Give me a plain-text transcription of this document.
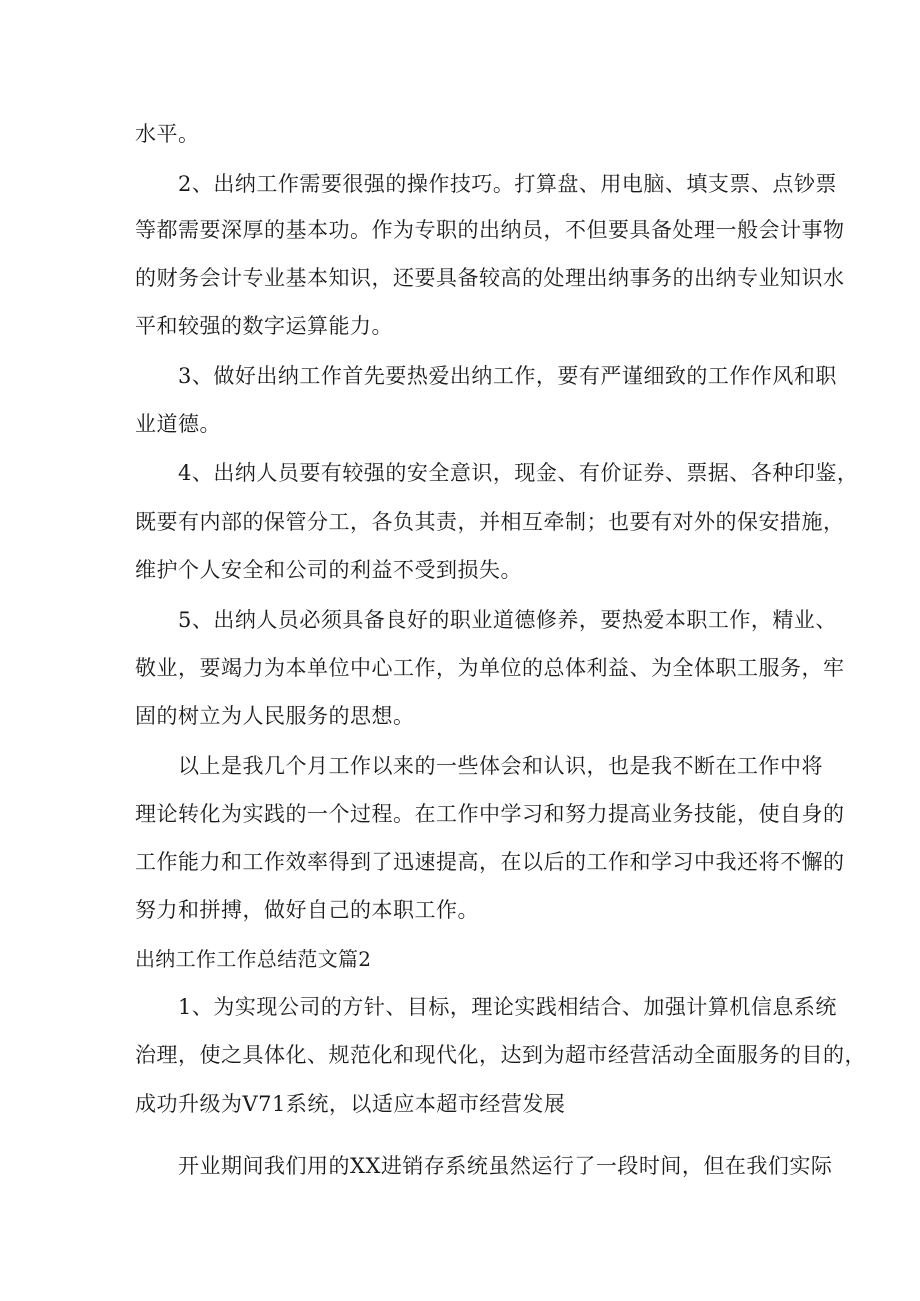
水平。
2、出纳工作需要很强的操作技巧。打算盘、用电脑、填支票、点钞票
等都需要深厚的基本功。作为专职的出纳员，不但要具备处理一般会计事物
的财务会计专业基本知识，还要具备较高的处理出纳事务的出纳专业知识水
平和较强的数字运算能力。
3、做好出纳工作首先要热爱出纳工作，要有严谨细致的工作作风和职
业道德。
4、出纳人员要有较强的安全意识，现金、有价证券、票据、各种印鉴，
既要有内部的保管分工，各负其责，并相互牵制；也要有对外的保安措施，
维护个人安全和公司的利益不受到损失。
5、出纳人员必须具备良好的职业道德修养，要热爱本职工作，精业、
敬业，要竭力为本单位中心工作，为单位的总体利益、为全体职工服务，牢
固的树立为人民服务的思想。
以上是我几个月工作以来的一些体会和认识，也是我不断在工作中将
理论转化为实践的一个过程。在工作中学习和努力提高业务技能，使自身的
工作能力和工作效率得到了迅速提高，在以后的工作和学习中我还将不懈的
努力和拼搏，做好自己的本职工作。
出纳工作工作总结范文篇2
1、为实现公司的方针、目标，理论实践相结合、加强计算机信息系统
治理，使之具体化、规范化和现代化，达到为超市经营活动全面服务的目的，
成功升级为V71系统，以适应本超市经营发展
开业期间我们用的XX进销存系统虽然运行了一段时间，但在我们实际
